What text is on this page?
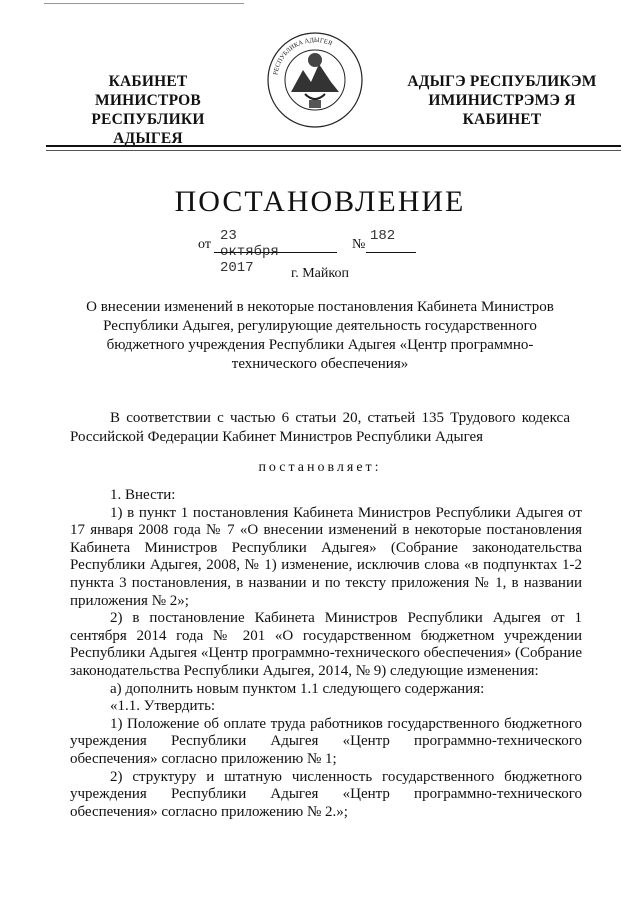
КАБИНЕТ МИНИСТРОВ
РЕСПУБЛИКИ АДЫГЕЯ
РЕСПУБЛИКА АДЫГЕЯ
АДЫГЭ РЕСПУБЛИКЭМ
ИМИНИСТРЭМЭ Я КАБИНЕТ
ПОСТАНОВЛЕНИЕ
от
23 октября 2017
№
182
г. Майкоп
О внесении изменений в некоторые постановления Кабинета Министров Республики Адыгея, регулирующие деятельность государственного бюджетного учреждения Республики Адыгея «Центр программно-технического обеспечения»
В соответствии с частью 6 статьи 20, статьей 135 Трудового кодекса Российской Федерации Кабинет Министров Республики Адыгея
постановляет:

1. Внести:

1) в пункт 1 постановления Кабинета Министров Республики Адыгея от 17 января 2008 года № 7 «О внесении изменений в некоторые постановления Кабинета Министров Республики Адыгея» (Собрание законодательства Республики Адыгея, 2008, № 1) изменение, исключив слова «в подпунктах 1-2 пункта 3 постановления, в названии и по тексту приложения № 1, в названии приложения № 2»;

2) в постановление Кабинета Министров Республики Адыгея от 1 сентября 2014 года № 201 «О государственном бюджетном учреждении Республики Адыгея «Центр программно-технического обеспечения» (Собрание законодательства Республики Адыгея, 2014, № 9) следующие изменения:

а) дополнить новым пунктом 1.1 следующего содержания:

«1.1. Утвердить:

1) Положение об оплате труда работников государственного бюджетного учреждения Республики Адыгея «Центр программно-технического обеспечения» согласно приложению № 1;

2) структуру и штатную численность государственного бюджетного учреждения Республики Адыгея «Центр программно-технического обеспечения» согласно приложению № 2.»;
